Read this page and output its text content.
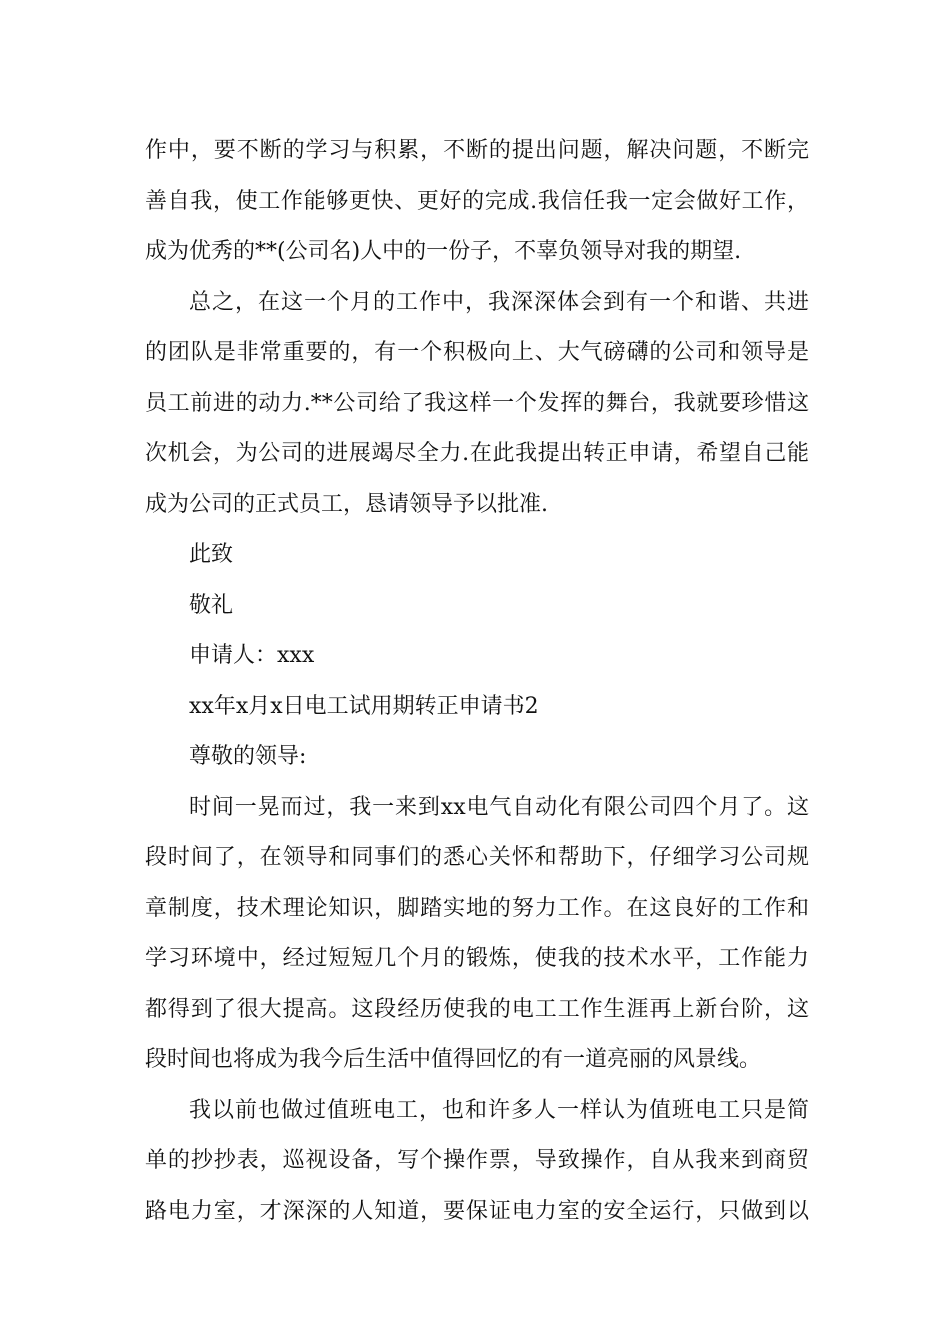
作中，要不断的学习与积累，不断的提出问题，解决问题，不断完
善自我，使工作能够更快、更好的完成.我信任我一定会做好工作，
成为优秀的**(公司名)人中的一份子，不辜负领导对我的期望.
总之，在这一个月的工作中，我深深体会到有一个和谐、共进
的团队是非常重要的，有一个积极向上、大气磅礴的公司和领导是
员工前进的动力.**公司给了我这样一个发挥的舞台，我就要珍惜这
次机会，为公司的进展竭尽全力.在此我提出转正申请，希望自己能
成为公司的正式员工，恳请领导予以批准.
此致
敬礼
申请人：xxx
xx年x月x日电工试用期转正申请书2
尊敬的领导:
时间一晃而过，我一来到xx电气自动化有限公司四个月了。这
段时间了，在领导和同事们的悉心关怀和帮助下，仔细学习公司规
章制度，技术理论知识，脚踏实地的努力工作。在这良好的工作和
学习环境中，经过短短几个月的锻炼，使我的技术水平，工作能力
都得到了很大提高。这段经历使我的电工工作生涯再上新台阶，这
段时间也将成为我今后生活中值得回忆的有一道亮丽的风景线。
我以前也做过值班电工，也和许多人一样认为值班电工只是简
单的抄抄表，巡视设备，写个操作票，导致操作，自从我来到商贸
路电力室，才深深的人知道，要保证电力室的安全运行，只做到以
